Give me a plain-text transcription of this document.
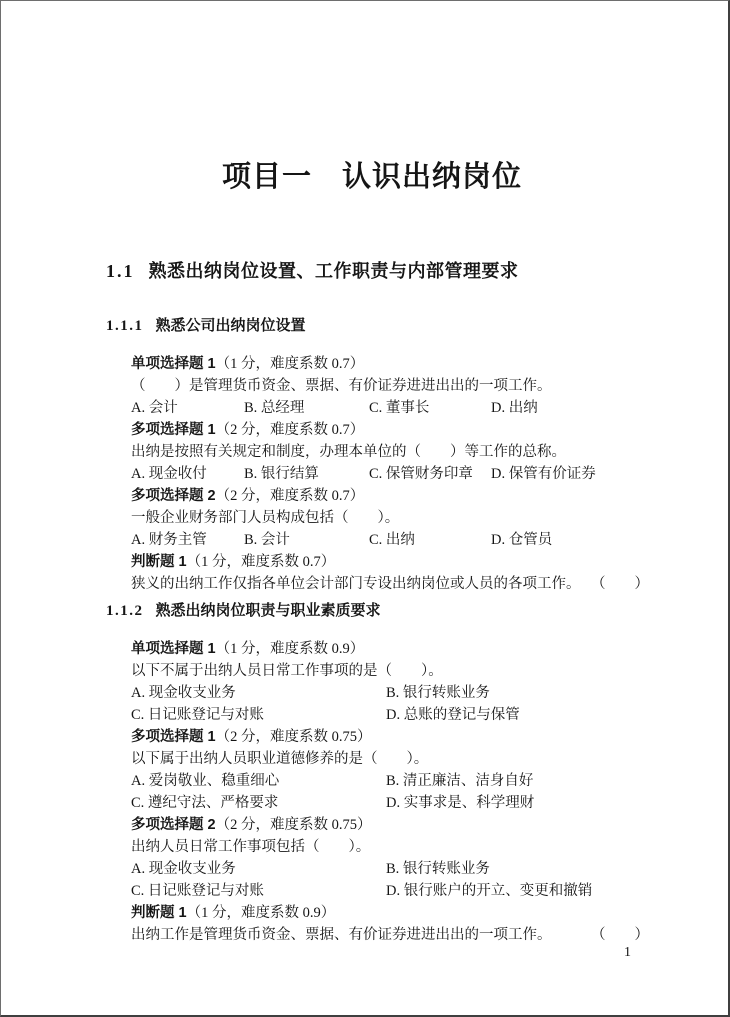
项目一　认识出纳岗位
1.1 熟悉出纳岗位设置、工作职责与内部管理要求
1.1.1 熟悉公司出纳岗位设置
单项选择题 1（1 分，难度系数 0.7）
（　　）是管理货币资金、票据、有价证券进进出出的一项工作。
A. 会计	B. 总经理	C. 董事长	D. 出纳
多项选择题 1（2 分，难度系数 0.7）
出纳是按照有关规定和制度，办理本单位的（　　）等工作的总称。
A. 现金收付	B. 银行结算	C. 保管财务印章	D. 保管有价证券
多项选择题 2（2 分，难度系数 0.7）
一般企业财务部门人员构成包括（　　）。
A. 财务主管	B. 会计	C. 出纳	D. 仓管员
判断题 1（1 分，难度系数 0.7）
狭义的出纳工作仅指各单位会计部门专设出纳岗位或人员的各项工作。 （　　）
1.1.2 熟悉出纳岗位职责与职业素质要求
单项选择题 1（1 分，难度系数 0.9）
以下不属于出纳人员日常工作事项的是（　　）。
A. 现金收支业务	B. 银行转账业务
C. 日记账登记与对账	D. 总账的登记与保管
多项选择题 1（2 分，难度系数 0.75）
以下属于出纳人员职业道德修养的是（　　）。
A. 爱岗敬业、稳重细心	B. 清正廉洁、洁身自好
C. 遵纪守法、严格要求	D. 实事求是、科学理财
多项选择题 2（2 分，难度系数 0.75）
出纳人员日常工作事项包括（　　）。
A. 现金收支业务	B. 银行转账业务
C. 日记账登记与对账	D. 银行账户的开立、变更和撤销
判断题 1（1 分，难度系数 0.9）
出纳工作是管理货币资金、票据、有价证券进进出出的一项工作。	（　　）
1
